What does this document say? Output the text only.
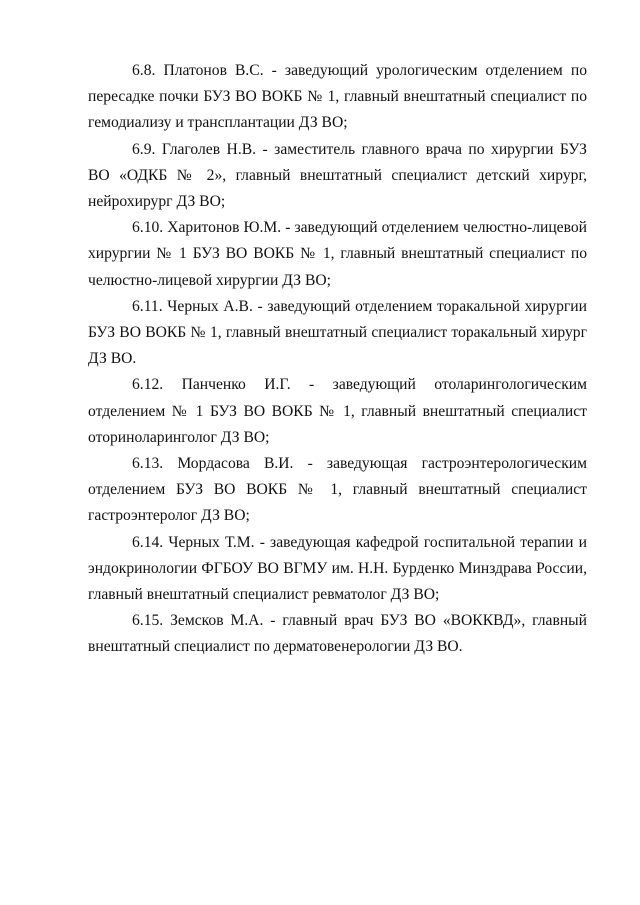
6.8. Платонов В.С. - заведующий урологическим отделением по пересадке почки БУЗ ВО ВОКБ № 1, главный внештатный специалист по гемодиализу и трансплантации ДЗ ВО;

6.9. Глаголев Н.В. - заместитель главного врача по хирургии БУЗ ВО «ОДКБ № 2», главный внештатный специалист детский хирург, нейрохирург ДЗ ВО;

6.10. Харитонов Ю.М. - заведующий отделением челюстно-лицевой хирургии № 1 БУЗ ВО ВОКБ № 1, главный внештатный специалист по челюстно-лицевой хирургии ДЗ ВО;

6.11. Черных А.В. - заведующий отделением торакальной хирургии БУЗ ВО ВОКБ № 1, главный внештатный специалист торакальный хирург ДЗ ВО.

6.12. Панченко И.Г. - заведующий отоларингологическим отделением № 1 БУЗ ВО ВОКБ № 1, главный внештатный специалист оториноларинголог ДЗ ВО;

6.13. Мордасова В.И. - заведующая гастроэнтерологическим отделением БУЗ ВО ВОКБ № 1, главный внештатный специалист гастроэнтеролог ДЗ ВО;

6.14. Черных Т.М. - заведующая кафедрой госпитальной терапии и эндокринологии ФГБОУ ВО ВГМУ им. Н.Н. Бурденко Минздрава России, главный внештатный специалист ревматолог ДЗ ВО;

6.15. Земсков М.А. - главный врач БУЗ ВО «ВОККВД», главный внештатный специалист по дерматовенерологии ДЗ ВО.
